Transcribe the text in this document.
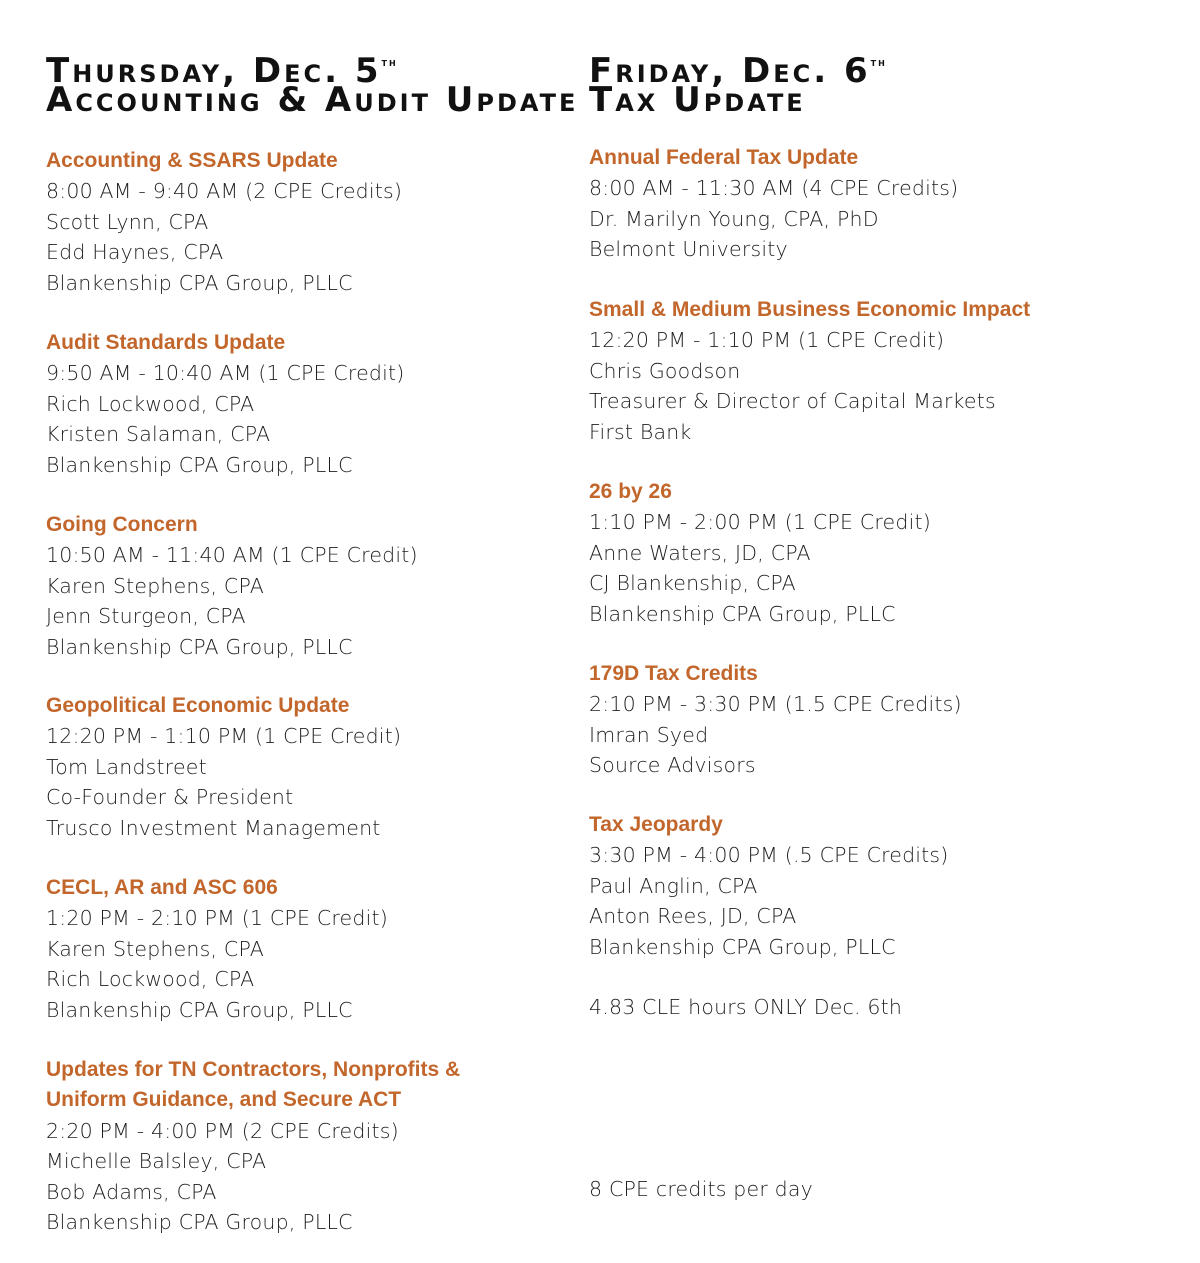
Thursday, Dec. 5th
Accounting & Audit Update
Accounting & SSARS Update
8:00 AM - 9:40 AM (2 CPE Credits)
Scott Lynn, CPA
Edd Haynes, CPA
Blankenship CPA Group, PLLC
Audit Standards Update
9:50 AM - 10:40 AM (1 CPE Credit)
Rich Lockwood, CPA
Kristen Salaman, CPA
Blankenship CPA Group, PLLC
Going Concern
10:50 AM - 11:40 AM (1 CPE Credit)
Karen Stephens, CPA
Jenn Sturgeon, CPA
Blankenship CPA Group, PLLC
Geopolitical Economic Update
12:20 PM - 1:10 PM (1 CPE Credit)
Tom Landstreet
Co-Founder & President
Trusco Investment Management
CECL, AR and ASC 606
1:20 PM - 2:10 PM (1 CPE Credit)
Karen Stephens, CPA
Rich Lockwood, CPA
Blankenship CPA Group, PLLC
Updates for TN Contractors, Nonprofits &
Uniform Guidance, and Secure ACT
2:20 PM - 4:00 PM (2 CPE Credits)
Michelle Balsley, CPA
Bob Adams, CPA
Blankenship CPA Group, PLLC
Friday, Dec. 6th
Tax Update
Annual Federal Tax Update
8:00 AM - 11:30 AM (4 CPE Credits)
Dr. Marilyn Young, CPA, PhD
Belmont University
Small & Medium Business Economic Impact
12:20 PM - 1:10 PM (1 CPE Credit)
Chris Goodson
Treasurer & Director of Capital Markets
First Bank
26 by 26
1:10 PM - 2:00 PM (1 CPE Credit)
Anne Waters, JD, CPA
CJ Blankenship, CPA
Blankenship CPA Group, PLLC
179D Tax Credits
2:10 PM - 3:30 PM (1.5 CPE Credits)
Imran Syed
Source Advisors
Tax Jeopardy
3:30 PM - 4:00 PM (.5 CPE Credits)
Paul Anglin, CPA
Anton Rees, JD, CPA
Blankenship CPA Group, PLLC
4.83 CLE hours ONLY Dec. 6th
8 CPE credits per day
